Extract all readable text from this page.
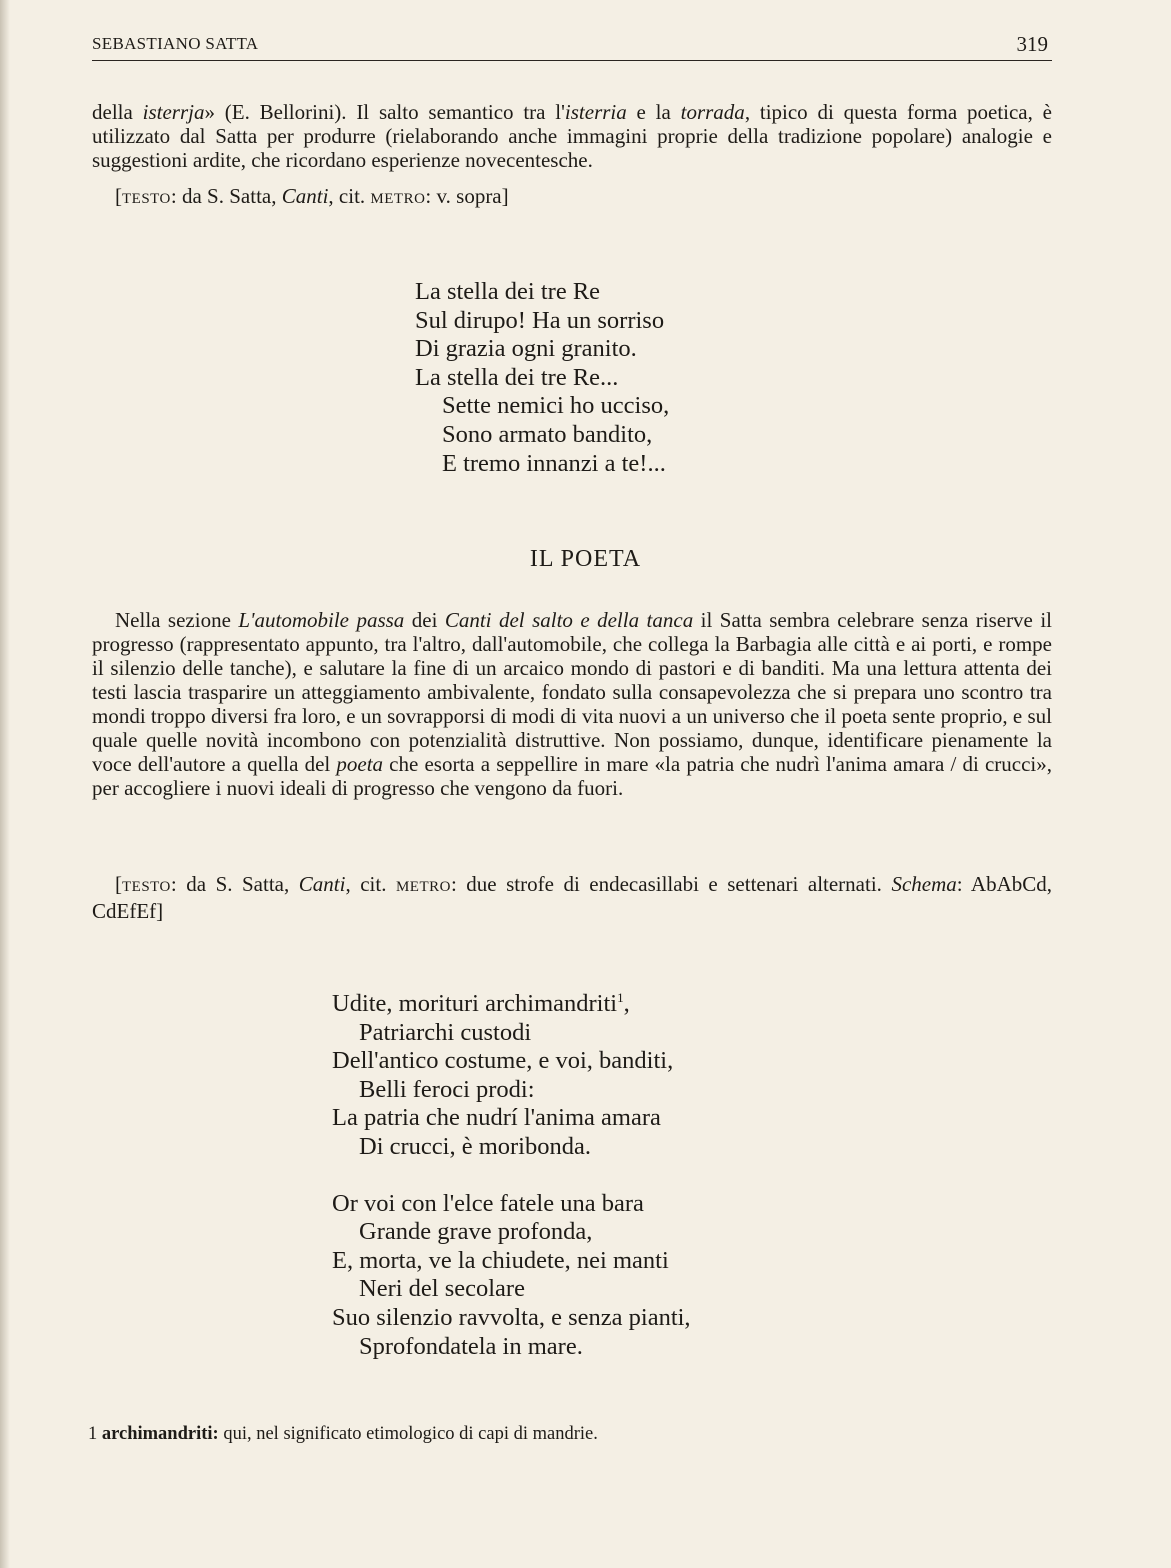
SEBASTIANO SATTA	319

della isterrja» (E. Bellorini). Il salto semantico tra l'isterria e la torrada, tipico di questa forma poetica, è utilizzato dal Satta per produrre (rielaborando anche immagini proprie della tradizione popolare) analogie e suggestioni ardite, che ricordano esperienze novecentesche.

[TESTO: da S. Satta, Canti, cit. METRO: v. sopra]

La stella dei tre Re
Sul dirupo! Ha un sorriso
Di grazia ogni granito.
La stella dei tre Re...
Sette nemici ho ucciso,
Sono armato bandito,
E tremo innanzi a te!...
IL POETA

Nella sezione L'automobile passa dei Canti del salto e della tanca il Satta sembra celebrare senza riserve il progresso (rappresentato appunto, tra l'altro, dall'automobile, che collega la Barbagia alle città e ai porti, e rompe il silenzio delle tanche), e salutare la fine di un arcaico mondo di pastori e di banditi. Ma una lettura attenta dei testi lascia trasparire un atteggiamento ambivalente, fondato sulla consapevolezza che si prepara uno scontro tra mondi troppo diversi fra loro, e un sovrapporsi di modi di vita nuovi a un universo che il poeta sente proprio, e sul quale quelle novità incombono con potenzialità distruttive. Non possiamo, dunque, identificare pienamente la voce dell'autore a quella del poeta che esorta a seppellire in mare «la patria che nudrì l'anima amara / di crucci», per accogliere i nuovi ideali di progresso che vengono da fuori.

[TESTO: da S. Satta, Canti, cit. METRO: due strofe di endecasillabi e settenari alternati. Schema: AbAbCd, CdEfEf]

Udite, morituri archimandriti$^1$,
Patriarchi custodi
Dell'antico costume, e voi, banditi,
Belli feroci prodi:
La patria che nudrí l'anima amara
Di crucci, è moribonda.
Or voi con l'elce fatele una bara
Grande grave profonda,
E, morta, ve la chiudete, nei manti
Neri del secolare
Suo silenzio ravvolta, e senza pianti,
Sprofondatela in mare.

1 archimandriti: qui, nel significato etimologico di capi di mandrie.
